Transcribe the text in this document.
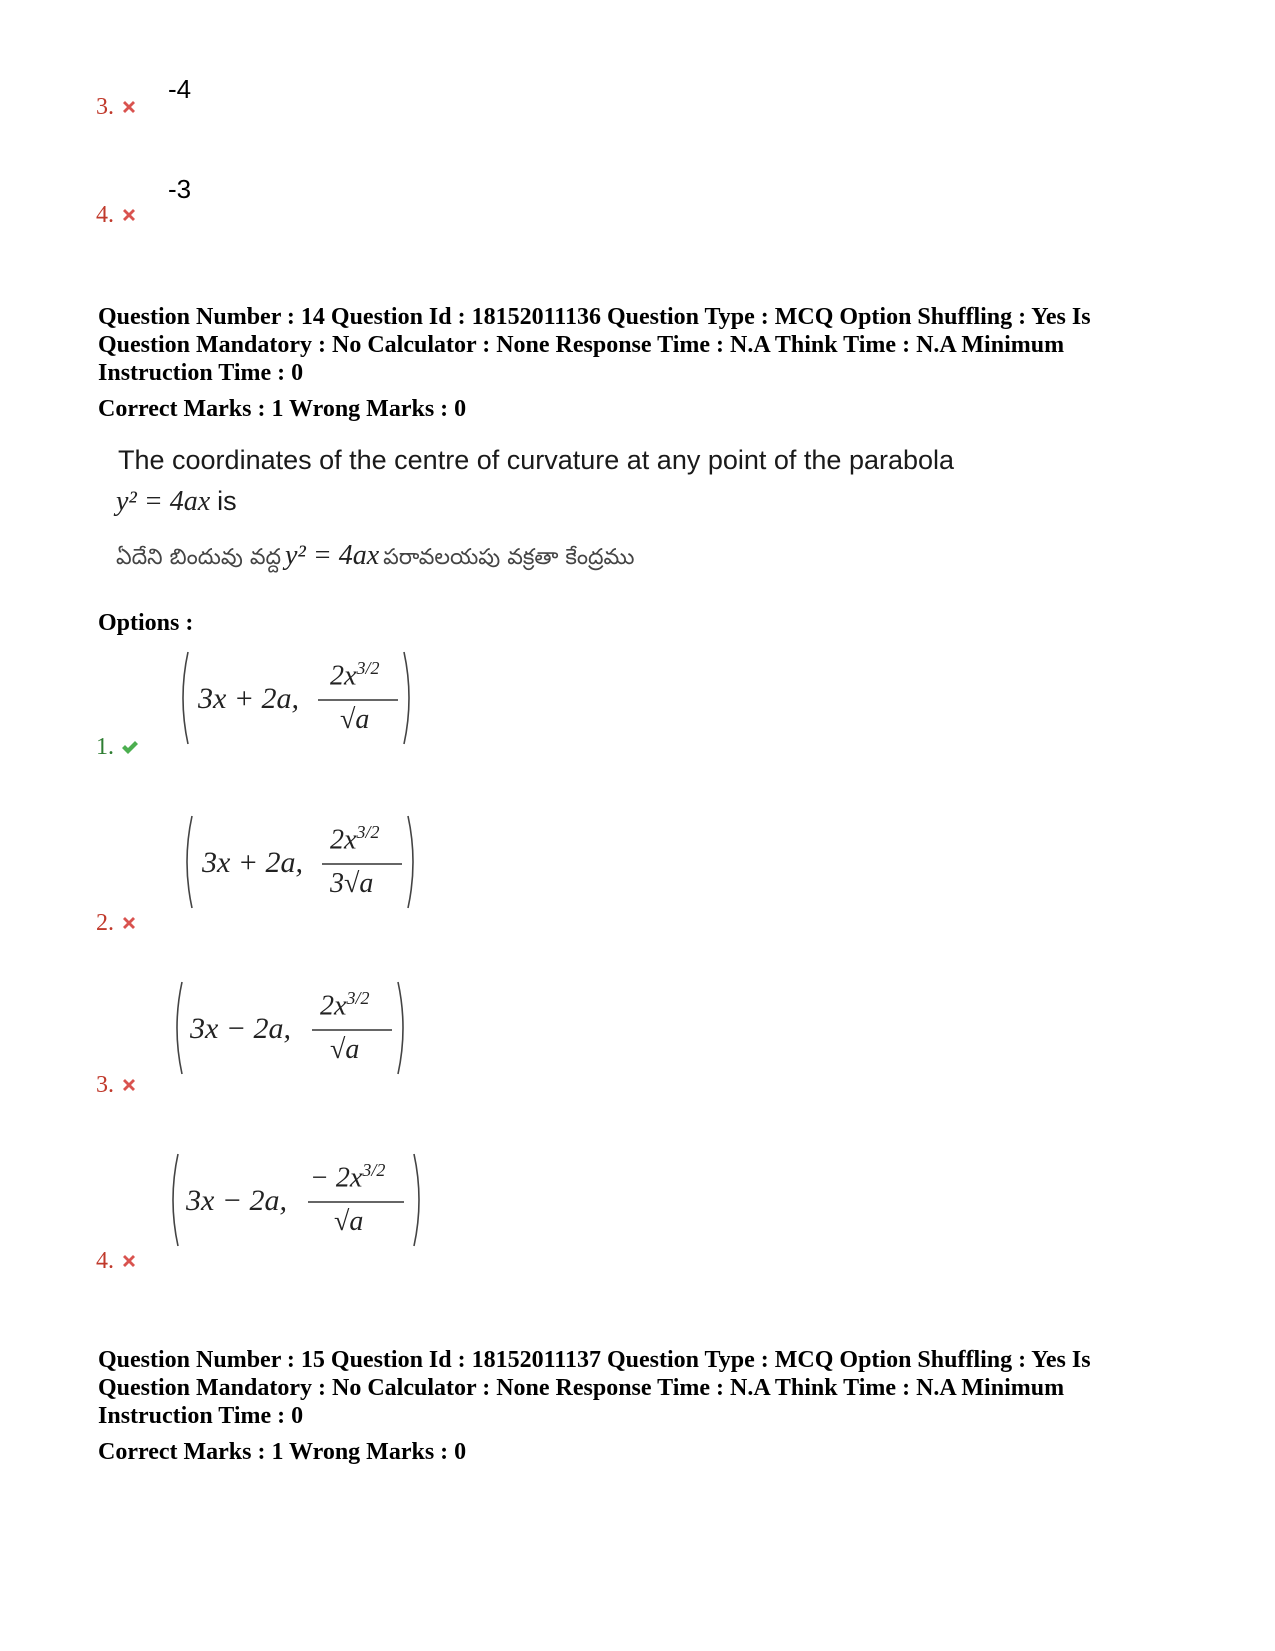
-4
3.
-3
4.
Question Number : 14 Question Id : 18152011136 Question Type : MCQ Option Shuffling : Yes Is
Question Mandatory : No Calculator : None Response Time : N.A Think Time : N.A Minimum
Instruction Time : 0
Correct Marks : 1 Wrong Marks : 0
The coordinates of the centre of curvature at any point of the parabola
y² = 4ax is
ఏదేని బిందువు వద్ద y² = 4ax పరావలయపు వక్రతా కేంద్రము
Options :
3x + 2a,
$2x^{3/2}$
√a
1.
3x + 2a,
$2x^{3/2}$
3√a
2.
3x − 2a,
$2x^{3/2}$
√a
3.
3x − 2a,
− $2x^{3/2}$
√a
4.
Question Number : 15 Question Id : 18152011137 Question Type : MCQ Option Shuffling : Yes Is
Question Mandatory : No Calculator : None Response Time : N.A Think Time : N.A Minimum
Instruction Time : 0
Correct Marks : 1 Wrong Marks : 0
